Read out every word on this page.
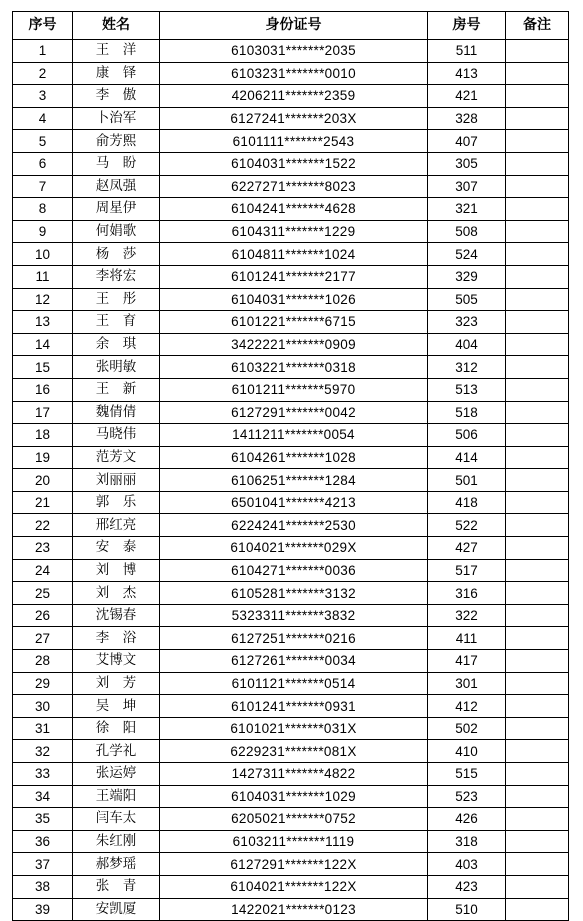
序号	姓名	身份证号	房号	备注
1	王　洋	6103031*******2035	511	
2	康　铎	6103231*******0010	413	
3	李　傲	4206211*******2359	421	
4	卜治军	6127241*******203X	328	
5	俞芳熙	6101111*******2543	407	
6	马　盼	6104031*******1522	305	
7	赵凤强	6227271*******8023	307	
8	周星伊	6104241*******4628	321	
9	何娟歌	6104311*******1229	508	
10	杨　莎	6104811*******1024	524	
11	李将宏	6101241*******2177	329	
12	王　彤	6104031*******1026	505	
13	王　育	6101221*******6715	323	
14	余　琪	3422221*******0909	404	
15	张明敏	6103221*******0318	312	
16	王　新	6101211*******5970	513	
17	魏倩倩	6127291*******0042	518	
18	马晓伟	1411211*******0054	506	
19	范芳文	6104261*******1028	414	
20	刘丽丽	6106251*******1284	501	
21	郭　乐	6501041*******4213	418	
22	邢红亮	6224241*******2530	522	
23	安　泰	6104021*******029X	427	
24	刘　博	6104271*******0036	517	
25	刘　杰	6105281*******3132	316	
26	沈锡春	5323311*******3832	322	
27	李　浴	6127251*******0216	411	
28	艾博文	6127261*******0034	417	
29	刘　芳	6101121*******0514	301	
30	吴　坤	6101241*******0931	412	
31	徐　阳	6101021*******031X	502	
32	孔学礼	6229231*******081X	410	
33	张运婷	1427311*******4822	515	
34	王端阳	6104031*******1029	523	
35	闫车太	6205021*******0752	426	
36	朱红刚	6103211*******1119	318	
37	郝梦瑶	6127291*******122X	403	
38	张　青	6104021*******122X	423	
39	安凯厦	1422021*******0123	510	
